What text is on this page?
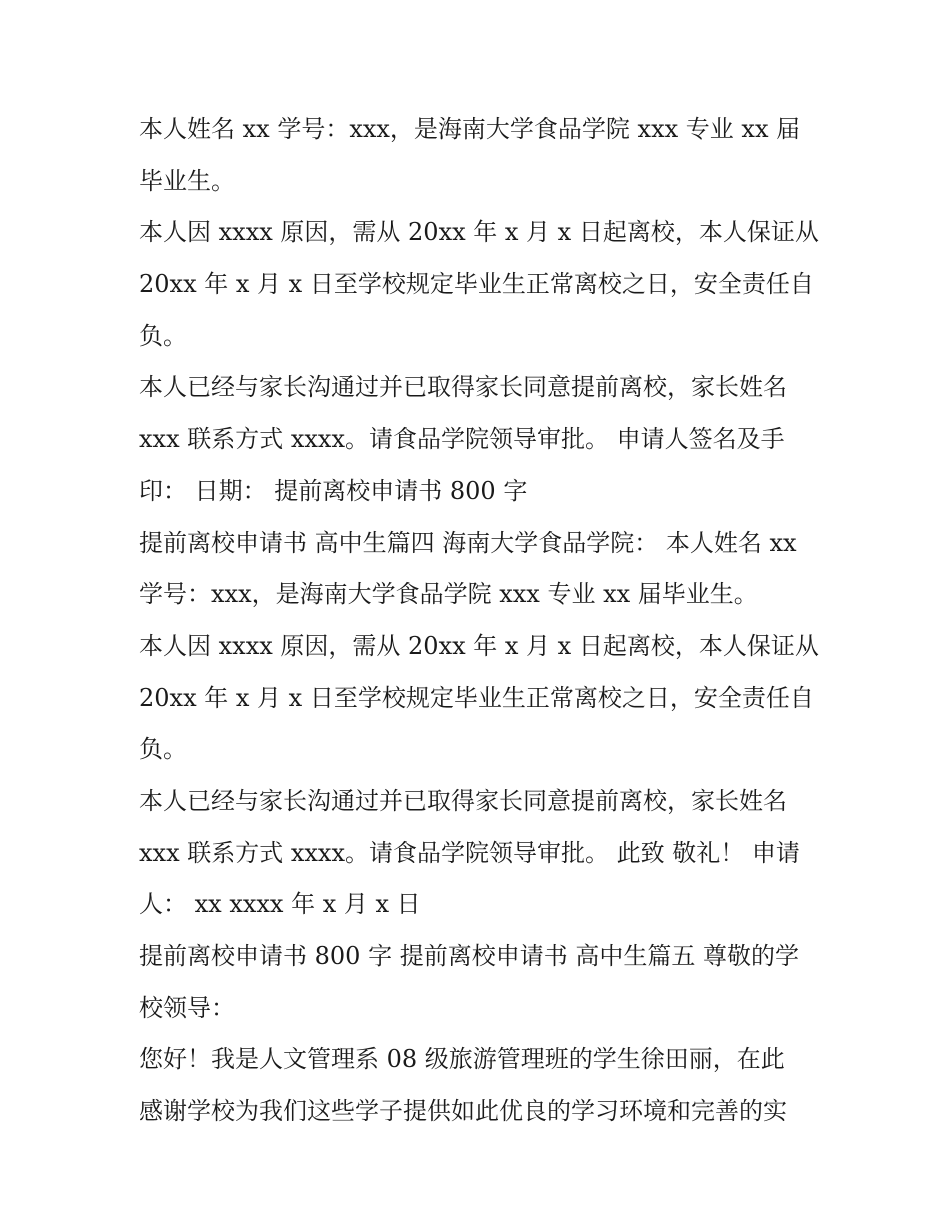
本人姓名 xx 学号：xxx，是海南大学食品学院 xxx 专业 xx 届
毕业生。
本人因 xxxx 原因，需从 20xx 年 x 月 x 日起离校，本人保证从
20xx 年 x 月 x 日至学校规定毕业生正常离校之日，安全责任自
负。
本人已经与家长沟通过并已取得家长同意提前离校，家长姓名
xxx 联系方式 xxxx。请食品学院领导审批。 申请人签名及手
印： 日期： 提前离校申请书 800 字
提前离校申请书 高中生篇四 海南大学食品学院： 本人姓名 xx
学号：xxx，是海南大学食品学院 xxx 专业 xx 届毕业生。
本人因 xxxx 原因，需从 20xx 年 x 月 x 日起离校，本人保证从
20xx 年 x 月 x 日至学校规定毕业生正常离校之日，安全责任自
负。
本人已经与家长沟通过并已取得家长同意提前离校，家长姓名
xxx 联系方式 xxxx。请食品学院领导审批。 此致 敬礼！ 申请
人： xx xxxx 年 x 月 x 日
提前离校申请书 800 字 提前离校申请书 高中生篇五 尊敬的学
校领导：
您好！我是人文管理系 08 级旅游管理班的学生徐田丽，在此
感谢学校为我们这些学子提供如此优良的学习环境和完善的实
